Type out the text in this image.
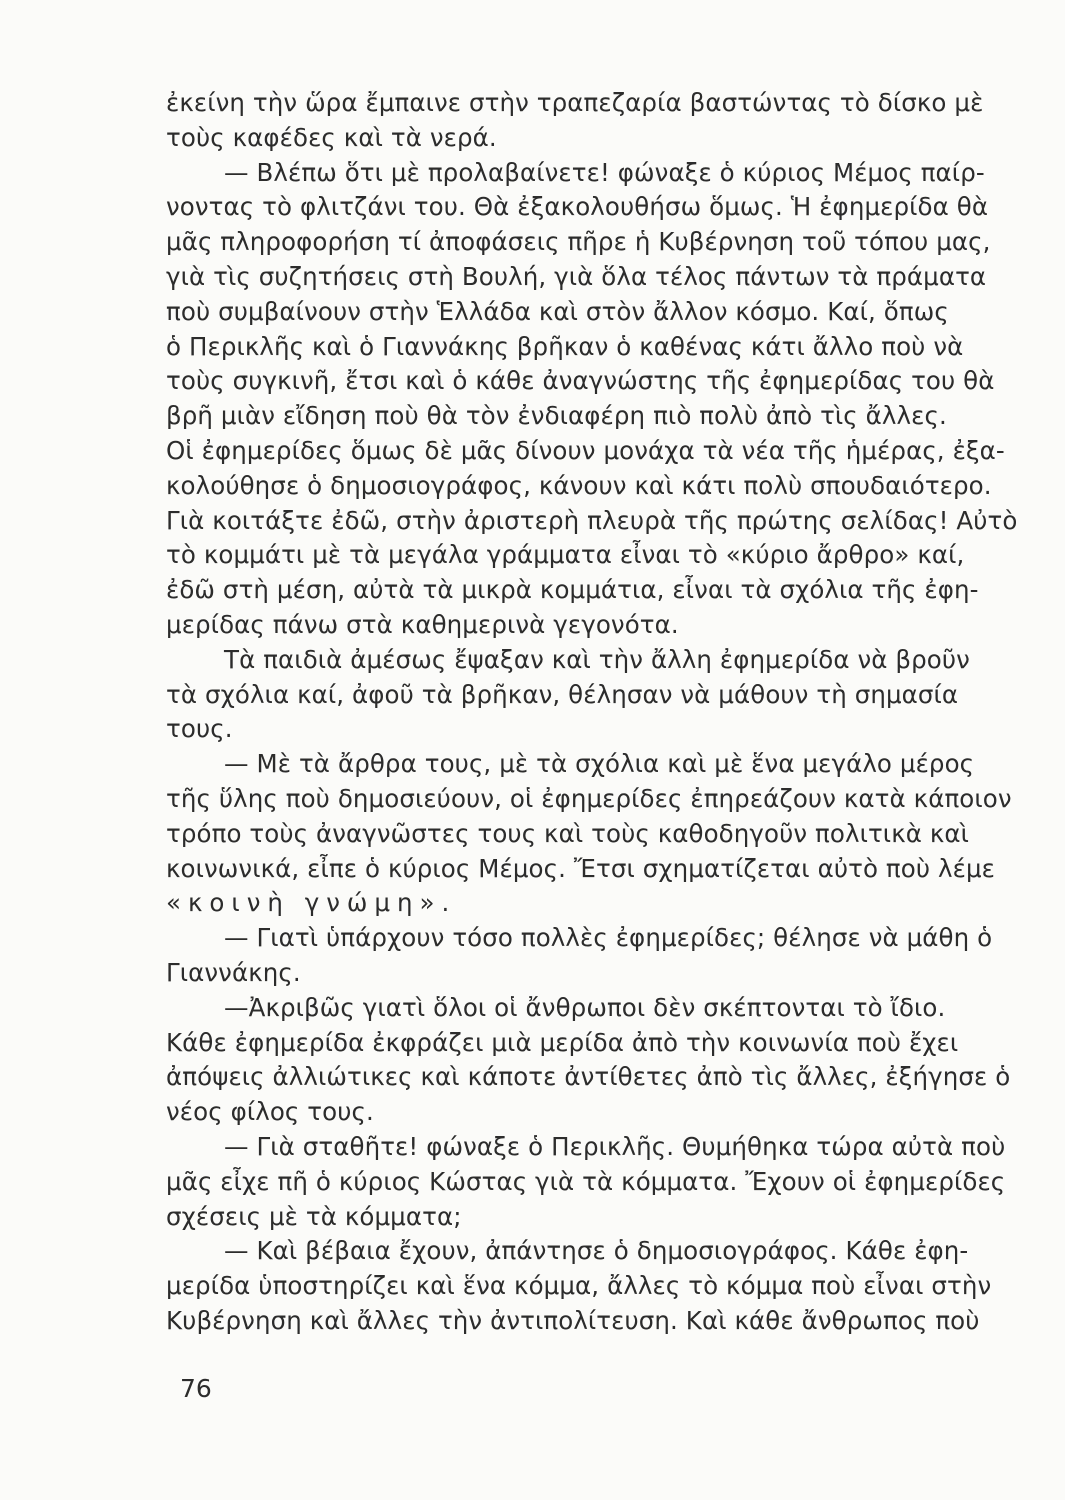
ἐκείνη τὴν ὥρα ἔμπαινε στὴν τραπεζαρία βαστώντας τὸ δίσκο μὲ
τοὺς καφέδες καὶ τὰ νερά.
— Βλέπω ὅτι μὲ προλαβαίνετε! φώναξε ὁ κύριος Μέμος παίρ-
νοντας τὸ φλιτζάνι του. Θὰ ἐξακολουθήσω ὅμως. Ἡ ἐφημερίδα θὰ
μᾶς πληροφορήση τί ἀποφάσεις πῆρε ἡ Κυβέρνηση τοῦ τόπου μας,
γιὰ τὶς συζητήσεις στὴ Βουλή, γιὰ ὅλα τέλος πάντων τὰ πράματα
ποὺ συμβαίνουν στὴν Ἑλλάδα καὶ στὸν ἄλλον κόσμο. Καί, ὅπως
ὁ Περικλῆς καὶ ὁ Γιαννάκης βρῆκαν ὁ καθένας κάτι ἄλλο ποὺ νὰ
τοὺς συγκινῆ, ἔτσι καὶ ὁ κάθε ἀναγνώστης τῆς ἐφημερίδας του θὰ
βρῆ μιὰν εἴδηση ποὺ θὰ τὸν ἐνδιαφέρη πιὸ πολὺ ἀπὸ τὶς ἄλλες.
Οἱ ἐφημερίδες ὅμως δὲ μᾶς δίνουν μονάχα τὰ νέα τῆς ἡμέρας, ἐξα-
κολούθησε ὁ δημοσιογράφος, κάνουν καὶ κάτι πολὺ σπουδαιότερο.
Γιὰ κοιτάξτε ἐδῶ, στὴν ἀριστερὴ πλευρὰ τῆς πρώτης σελίδας! Αὐτὸ
τὸ κομμάτι μὲ τὰ μεγάλα γράμματα εἶναι τὸ «κύριο ἄρθρο» καί,
ἐδῶ στὴ μέση, αὐτὰ τὰ μικρὰ κομμάτια, εἶναι τὰ σχόλια τῆς ἐφη-
μερίδας πάνω στὰ καθημερινὰ γεγονότα.
Τὰ παιδιὰ ἀμέσως ἔψαξαν καὶ τὴν ἄλλη ἐφημερίδα νὰ βροῦν
τὰ σχόλια καί, ἀφοῦ τὰ βρῆκαν, θέλησαν νὰ μάθουν τὴ σημασία
τους.
— Μὲ τὰ ἄρθρα τους, μὲ τὰ σχόλια καὶ μὲ ἕνα μεγάλο μέρος
τῆς ὕλης ποὺ δημοσιεύουν, οἱ ἐφημερίδες ἐπηρεάζουν κατὰ κάποιον
τρόπο τοὺς ἀναγνῶστες τους καὶ τοὺς καθοδηγοῦν πολιτικὰ καὶ
κοινωνικά, εἶπε ὁ κύριος Μέμος. Ἔτσι σχηματίζεται αὐτὸ ποὺ λέμε
«κοινὴ γνώμη».
— Γιατὶ ὑπάρχουν τόσο πολλὲς ἐφημερίδες; θέλησε νὰ μάθη ὁ
Γιαννάκης.
—Ἀκριβῶς γιατὶ ὅλοι οἱ ἄνθρωποι δὲν σκέπτονται τὸ ἴδιο.
Κάθε ἐφημερίδα ἐκφράζει μιὰ μερίδα ἀπὸ τὴν κοινωνία ποὺ ἔχει
ἀπόψεις ἀλλιώτικες καὶ κάποτε ἀντίθετες ἀπὸ τὶς ἄλλες, ἐξήγησε ὁ
νέος φίλος τους.
— Γιὰ σταθῆτε! φώναξε ὁ Περικλῆς. Θυμήθηκα τώρα αὐτὰ ποὺ
μᾶς εἶχε πῆ ὁ κύριος Κώστας γιὰ τὰ κόμματα. Ἔχουν οἱ ἐφημερίδες
σχέσεις μὲ τὰ κόμματα;
— Καὶ βέβαια ἔχουν, ἀπάντησε ὁ δημοσιογράφος. Κάθε ἐφη-
μερίδα ὑποστηρίζει καὶ ἕνα κόμμα, ἄλλες τὸ κόμμα ποὺ εἶναι στὴν
Κυβέρνηση καὶ ἄλλες τὴν ἀντιπολίτευση. Καὶ κάθε ἄνθρωπος ποὺ
76
